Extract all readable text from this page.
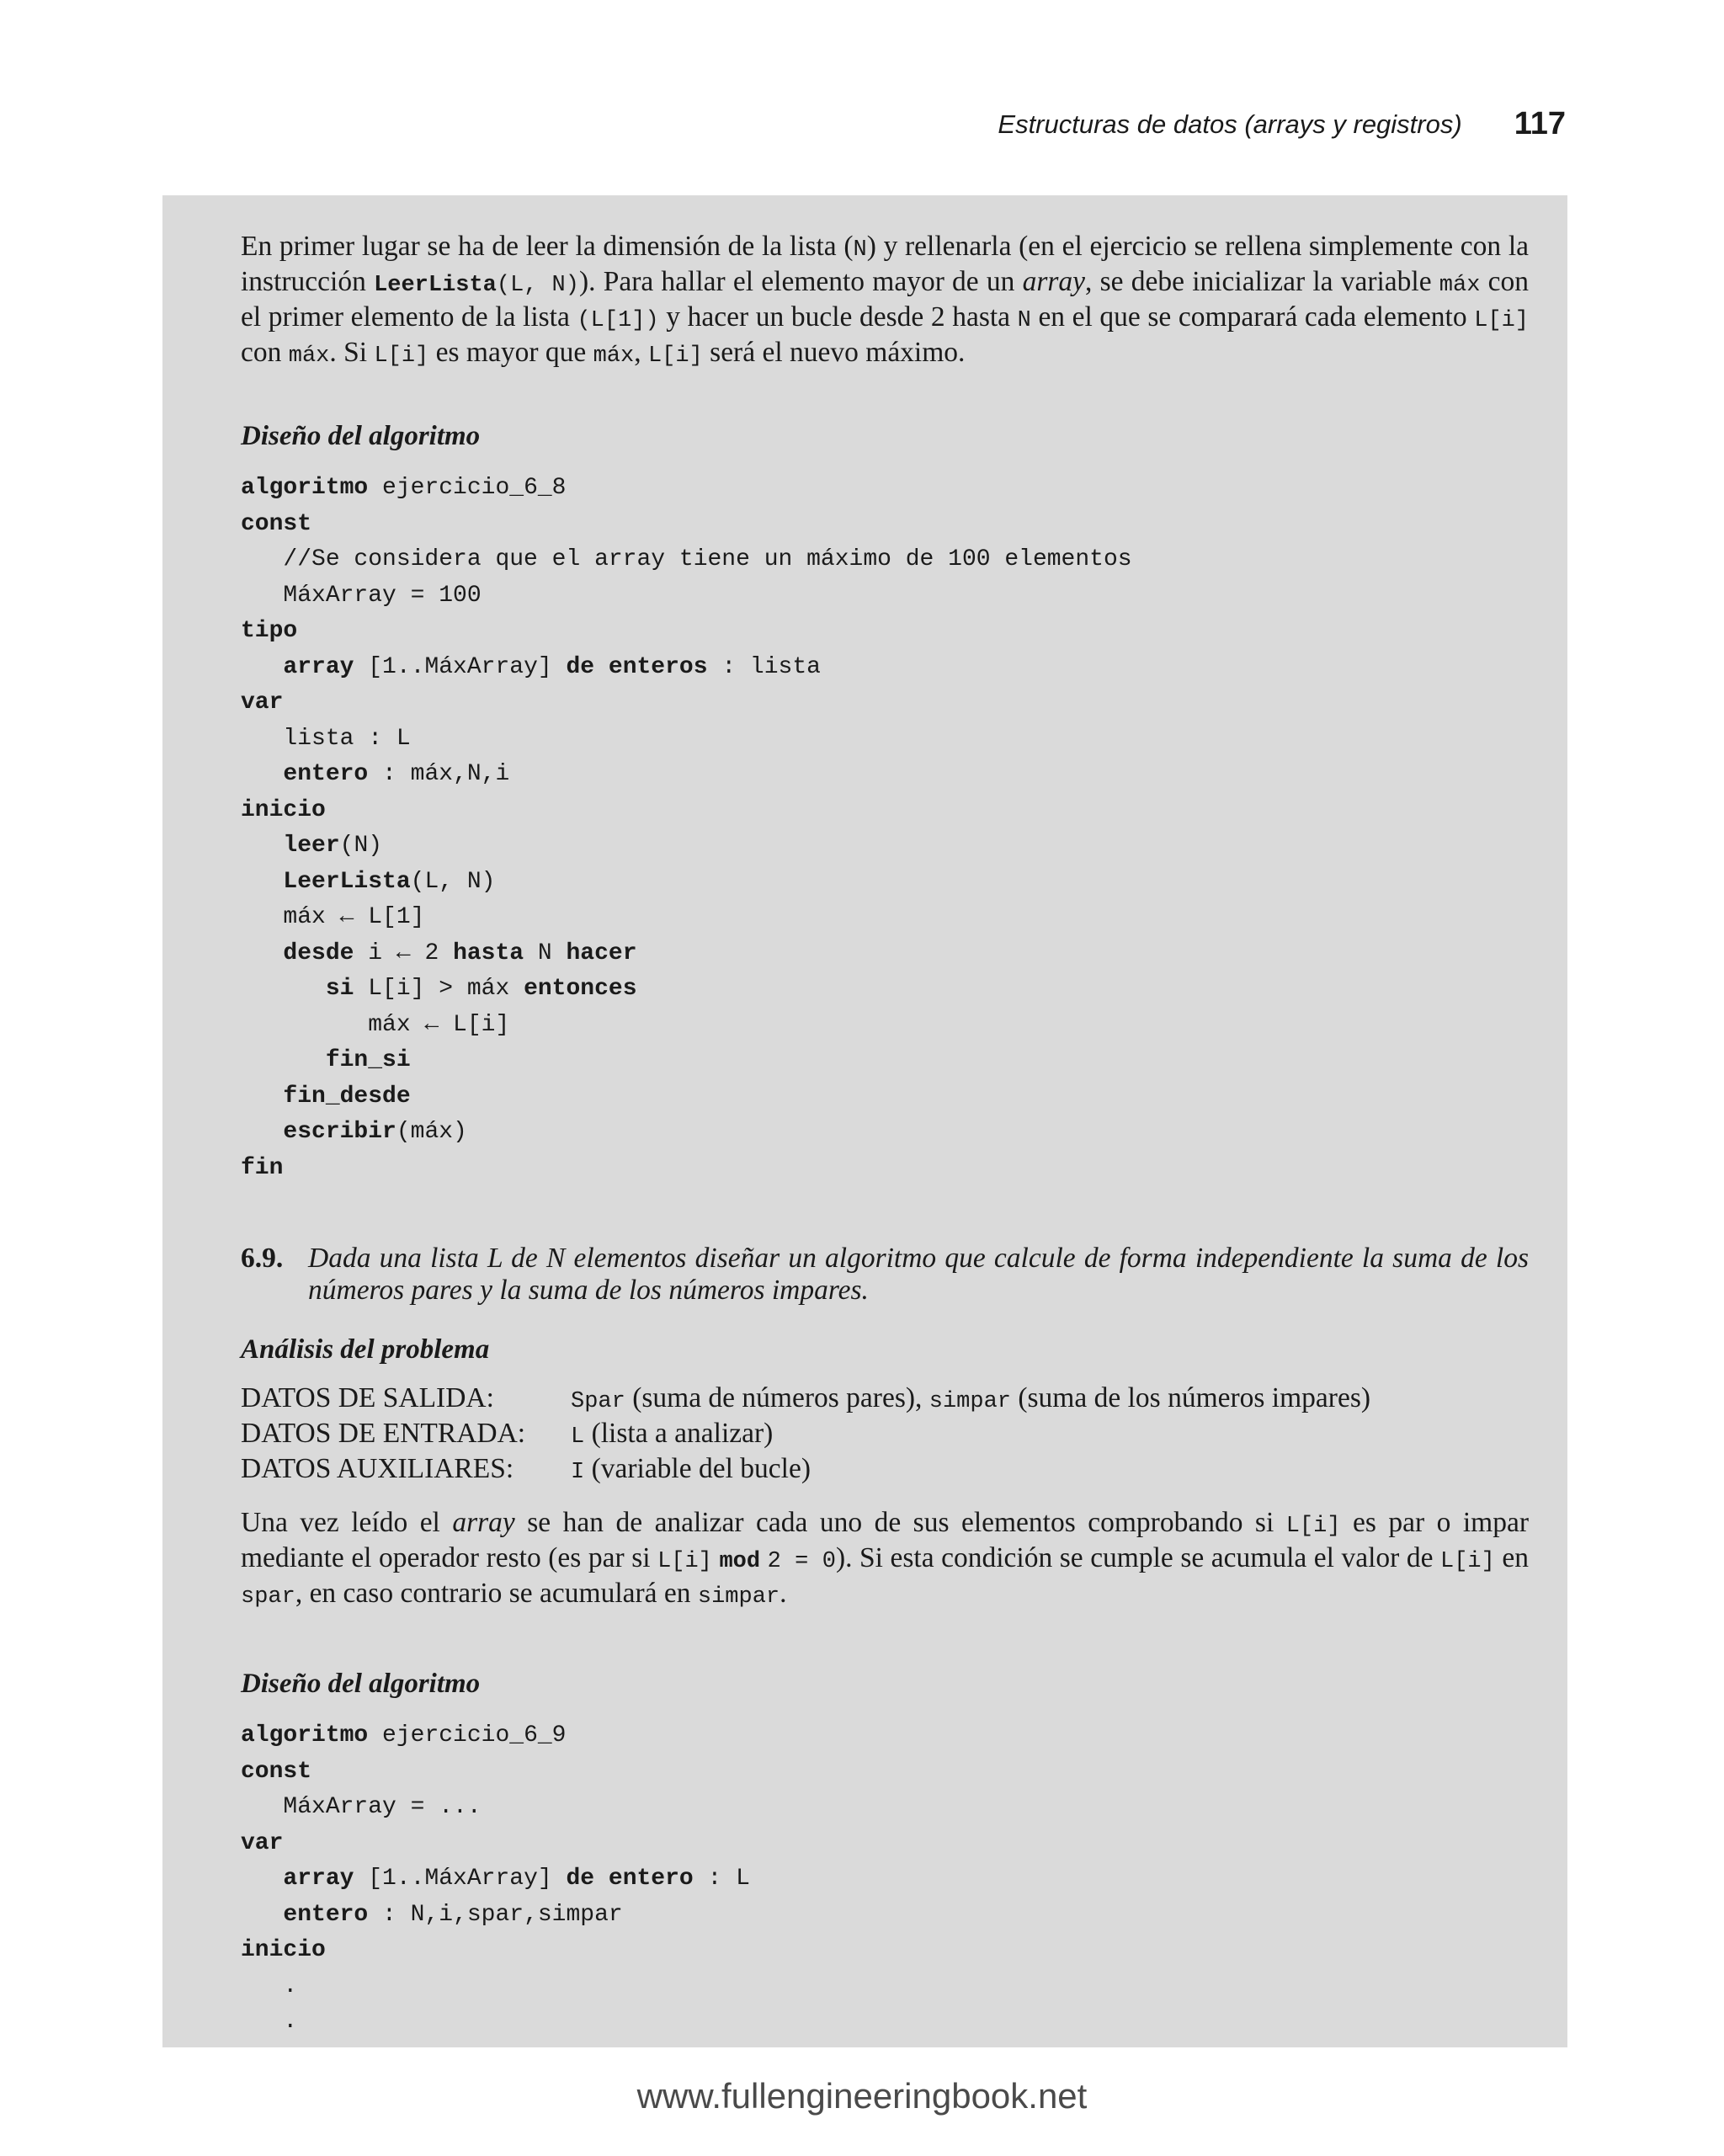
Estructuras de datos (arrays y registros) 117

En primer lugar se ha de leer la dimensión de la lista (N) y rellenarla (en el ejercicio se rellena simplemente con la instrucción LeerLista(L, N)). Para hallar el elemento mayor de un array, se debe inicializar la variable máx con el primer elemento de la lista (L[1]) y hacer un bucle desde 2 hasta N en el que se comparará cada elemento L[i] con máx. Si L[i] es mayor que máx, L[i] será el nuevo máximo.

Diseño del algoritmo
algoritmo ejercicio_6_8
const
//Se considera que el array tiene un máximo de 100 elementos
MáxArray = 100
tipo
array [1..MáxArray] de enteros : lista
var
lista : L
entero : máx,N,i
inicio
leer(N)
LeerLista(L, N)
máx ← L[1]
desde i ← 2 hasta N hacer
si L[i] > máx entonces
máx ← L[i]
fin_si
fin_desde
escribir(máx)
fin
6.9. Dada una lista L de N elementos diseñar un algoritmo que calcule de forma independiente la suma de los números pares y la suma de los números impares.
Análisis del problema
DATOS DE SALIDA:	Spar (suma de números pares), simpar (suma de los números impares)
DATOS DE ENTRADA:	L (lista a analizar)
DATOS AUXILIARES:	I (variable del bucle)

Una vez leído el array se han de analizar cada uno de sus elementos comprobando si L[i] es par o impar mediante el operador resto (es par si L[i] mod 2 = 0). Si esta condición se cumple se acumula el valor de L[i] en spar, en caso contrario se acumulará en simpar.

Diseño del algoritmo
algoritmo ejercicio_6_9
const
MáxArray = ...
var
array [1..MáxArray] de entero : L
entero : N,i,spar,simpar
inicio
.
.
www.fullengineeringbook.net
